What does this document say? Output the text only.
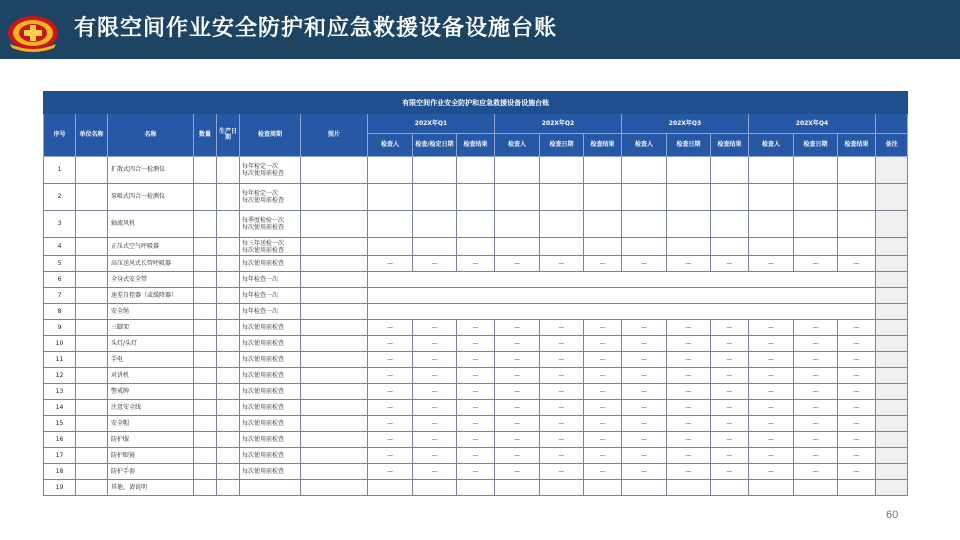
有限空间作业安全防护和应急救援设备设施台账
有限空间作业安全防护和应急救援设备设施台账																			
序号	单位名称	名称	数量	生产日期	检查周期	照片	202X年Q1			202X年Q2			202X年Q3			202X年Q4			
							检查人	检查/检定日期	检查结果	检查人	检查日期	检查结果	检查人	检查日期	检查结果	检查人	检查日期	检查结果	备注
1		扩散式四合一检测仪			每年检定一次
每次使用前检查														

2		泵吸式四合一检测仪			每年检定一次
每次使用前检查														

3		轴流风机			每季度检验一次
每次使用前检查														

4		正压式空气呼吸器			每三年送检一次
每次使用前检查														

5		高压送风式长管呼吸器			每次使用前检查		—	—	—	—	—	—	—	—	—	—	—	—	
6		全身式安全带			每年检查一次														

7		速差自控器（或缓降器）			每年检查一次														

8		安全绳			每年检查一次														

9		三脚架			每次使用前检查		—	—	—	—	—	—	—	—	—	—	—	—	
10		头灯/头灯			每次使用前检查		—	—	—	—	—	—	—	—	—	—	—	—	
11		手电			每次使用前检查		—	—	—	—	—	—	—	—	—	—	—	—	
12		对讲机			每次使用前检查		—	—	—	—	—	—	—	—	—	—	—	—	
13		警戒牌			每次使用前检查		—	—	—	—	—	—	—	—	—	—	—	—	
14		注意安全线			每次使用前检查		—	—	—	—	—	—	—	—	—	—	—	—	
15		安全帽			每次使用前检查		—	—	—	—	—	—	—	—	—	—	—	—	
16		防护服			每次使用前检查		—	—	—	—	—	—	—	—	—	—	—	—	
17		防护眼镜			每次使用前检查		—	—	—	—	—	—	—	—	—	—	—	—	
18		防护手套			每次使用前检查		—	—	—	—	—	—	—	—	—	—	—	—	
19		其他，请说明																	
60
